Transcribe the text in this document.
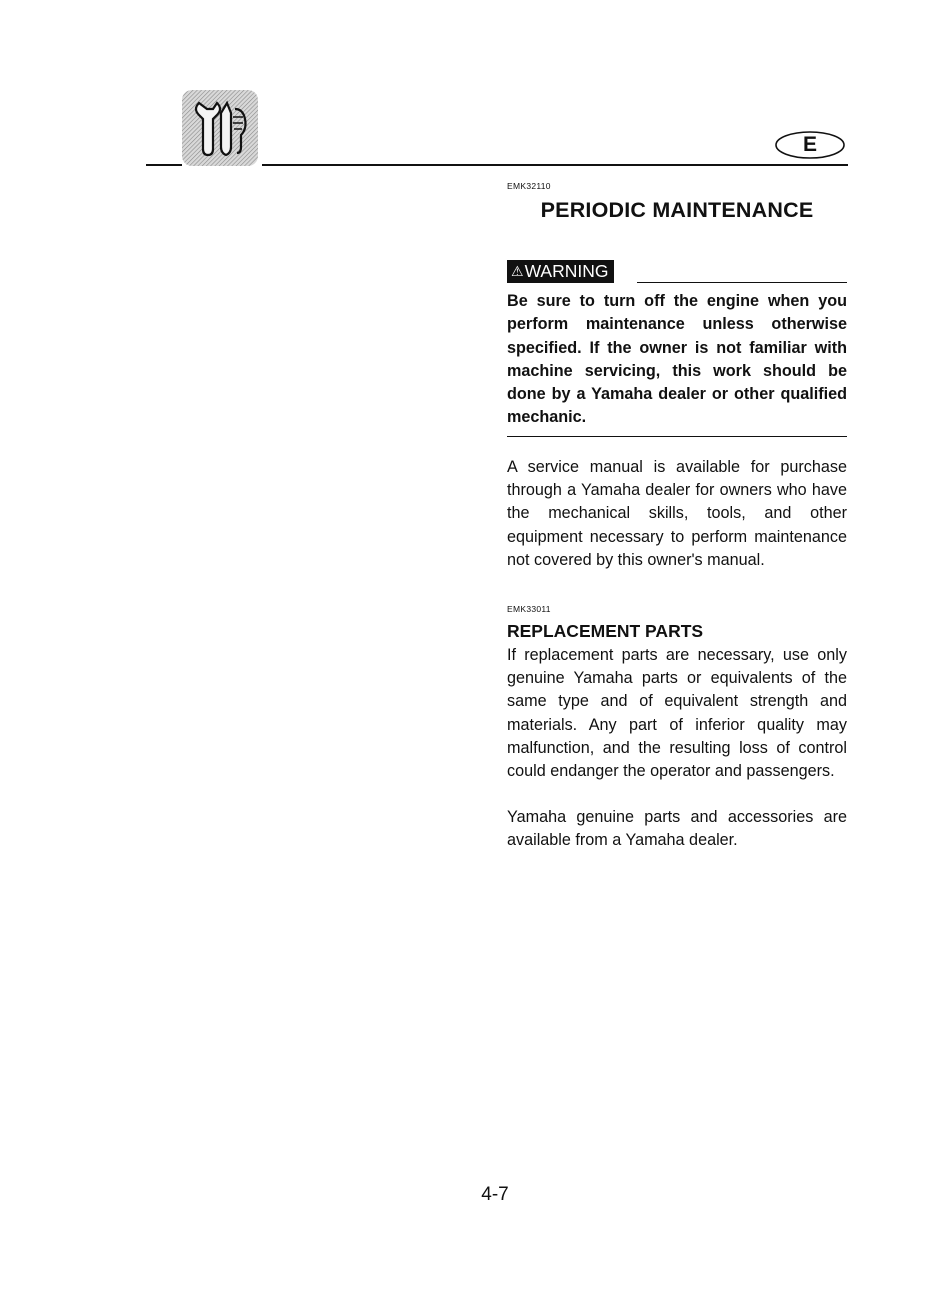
E
EMK32110
PERIODIC MAINTENANCE
⚠ WARNING
Be sure to turn off the engine when you perform maintenance unless otherwise specified. If the owner is not familiar with machine servicing, this work should be done by a Yamaha dealer or other qualified mechanic.
A service manual is available for purchase through a Yamaha dealer for owners who have the mechanical skills, tools, and other equipment necessary to perform maintenance not covered by this owner's manual.
EMK33011
REPLACEMENT PARTS
If replacement parts are necessary, use only genuine Yamaha parts or equivalents of the same type and of equivalent strength and materials. Any part of inferior quality may malfunction, and the resulting loss of control could endanger the operator and passengers.
Yamaha genuine parts and accessories are available from a Yamaha dealer.
4-7
